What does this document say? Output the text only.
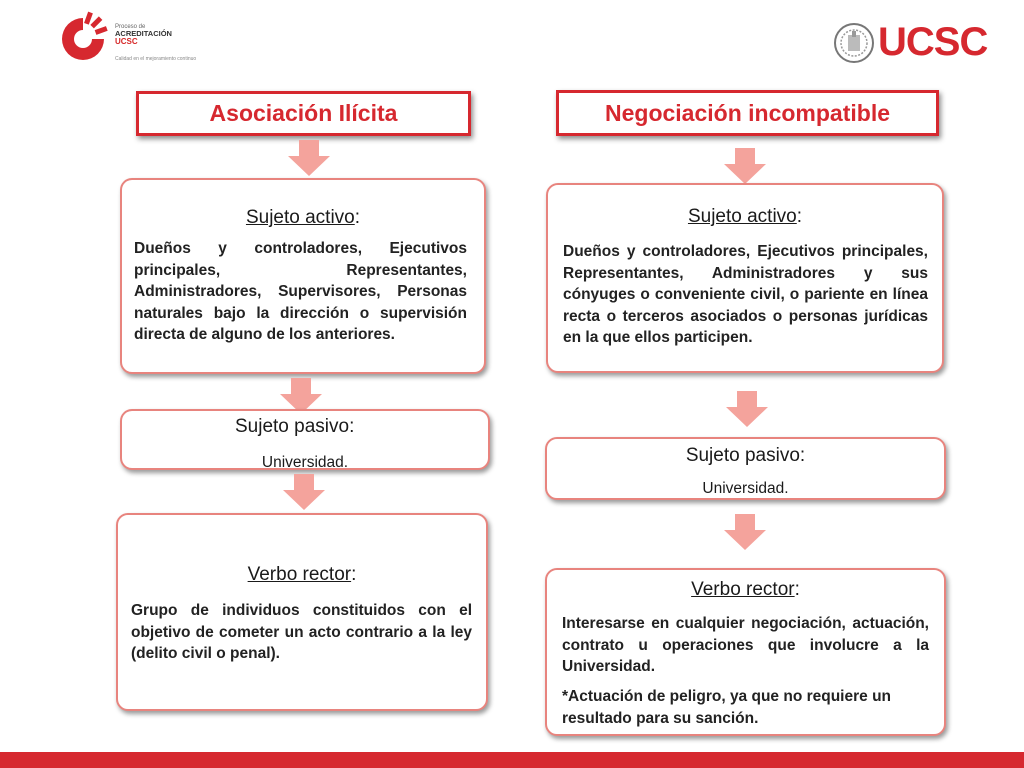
Proceso de
ACREDITACIÓN
UCSC
Calidad en el mejoramiento continuo	UCSC
Asociación Ilícita
Sujeto activo:
Dueños y controladores, Ejecutivos principales, Representantes, Administradores, Supervisores, Personas naturales bajo la dirección o supervisión directa de alguno de los anteriores.
Sujeto pasivo:
Universidad.
Verbo rector:
Grupo de individuos constituidos con el objetivo de cometer un acto contrario a la ley (delito civil o penal).
Negociación incompatible
Sujeto activo:
Dueños y controladores, Ejecutivos principales, Representantes, Administradores y sus cónyuges o conveniente civil, o pariente en línea recta o terceros asociados o personas jurídicas en la que ellos participen.
Sujeto pasivo:
Universidad.
Verbo rector:
Interesarse en cualquier negociación, actuación, contrato u operaciones que involucre a la Universidad.
*Actuación de peligro, ya que no requiere un resultado para su sanción.
